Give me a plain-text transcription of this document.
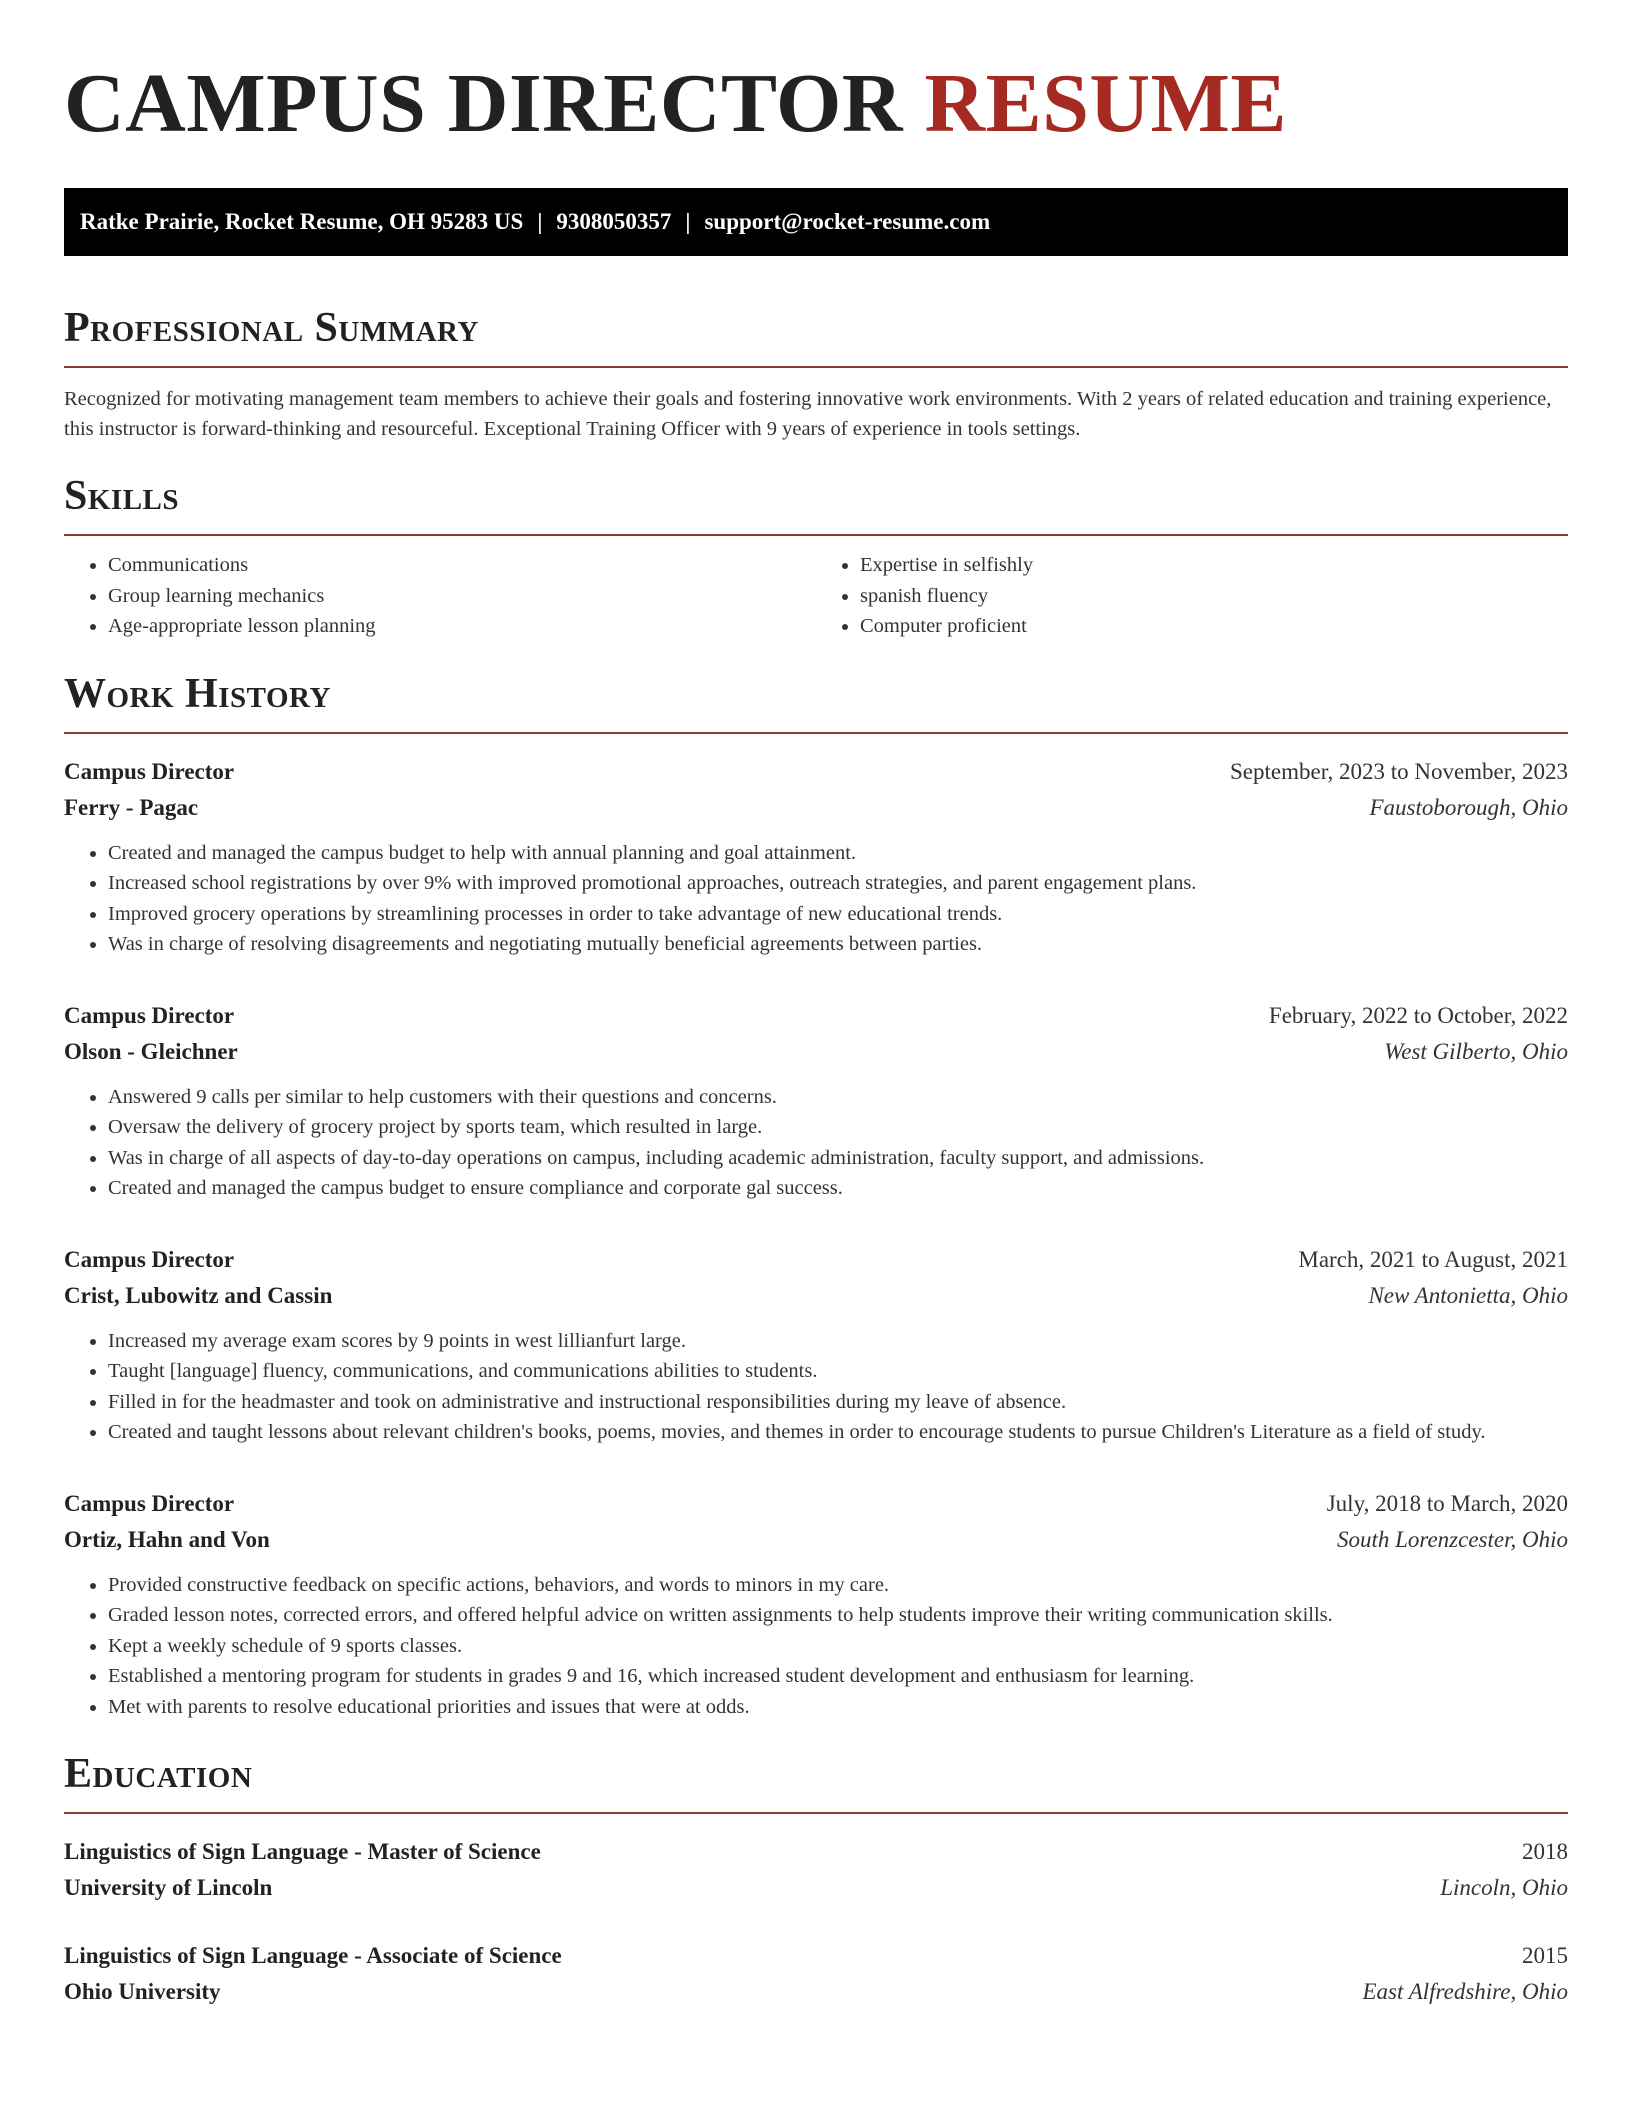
CAMPUS DIRECTOR RESUME
Ratke Prairie, Rocket Resume, OH 95283 US | 9308050357 | support@rocket-resume.com
Professional Summary

Recognized for motivating management team members to achieve their goals and fostering innovative work environments. With 2 years of related education and training experience, this instructor is forward-thinking and resourceful. Exceptional Training Officer with 9 years of experience in tools settings.

Skills
• Communications
• Group learning mechanics
• Age-appropriate lesson planning
• Expertise in selfishly
• spanish fluency
• Computer proficient
Work History
Campus Director	September, 2023 to November, 2023
Ferry - Pagac	Faustoborough, Ohio
• Created and managed the campus budget to help with annual planning and goal attainment.
• Increased school registrations by over 9% with improved promotional approaches, outreach strategies, and parent engagement plans.
• Improved grocery operations by streamlining processes in order to take advantage of new educational trends.
• Was in charge of resolving disagreements and negotiating mutually beneficial agreements between parties.
Campus Director	February, 2022 to October, 2022
Olson - Gleichner	West Gilberto, Ohio
• Answered 9 calls per similar to help customers with their questions and concerns.
• Oversaw the delivery of grocery project by sports team, which resulted in large.
• Was in charge of all aspects of day-to-day operations on campus, including academic administration, faculty support, and admissions.
• Created and managed the campus budget to ensure compliance and corporate gal success.
Campus Director	March, 2021 to August, 2021
Crist, Lubowitz and Cassin	New Antonietta, Ohio
• Increased my average exam scores by 9 points in west lillianfurt large.
• Taught [language] fluency, communications, and communications abilities to students.
• Filled in for the headmaster and took on administrative and instructional responsibilities during my leave of absence.
• Created and taught lessons about relevant children's books, poems, movies, and themes in order to encourage students to pursue Children's Literature as a field of study.
Campus Director	July, 2018 to March, 2020
Ortiz, Hahn and Von	South Lorenzcester, Ohio
• Provided constructive feedback on specific actions, behaviors, and words to minors in my care.
• Graded lesson notes, corrected errors, and offered helpful advice on written assignments to help students improve their writing communication skills.
• Kept a weekly schedule of 9 sports classes.
• Established a mentoring program for students in grades 9 and 16, which increased student development and enthusiasm for learning.
• Met with parents to resolve educational priorities and issues that were at odds.
Education
Linguistics of Sign Language - Master of Science	2018
University of Lincoln	Lincoln, Ohio
Linguistics of Sign Language - Associate of Science	2015
Ohio University	East Alfredshire, Ohio
